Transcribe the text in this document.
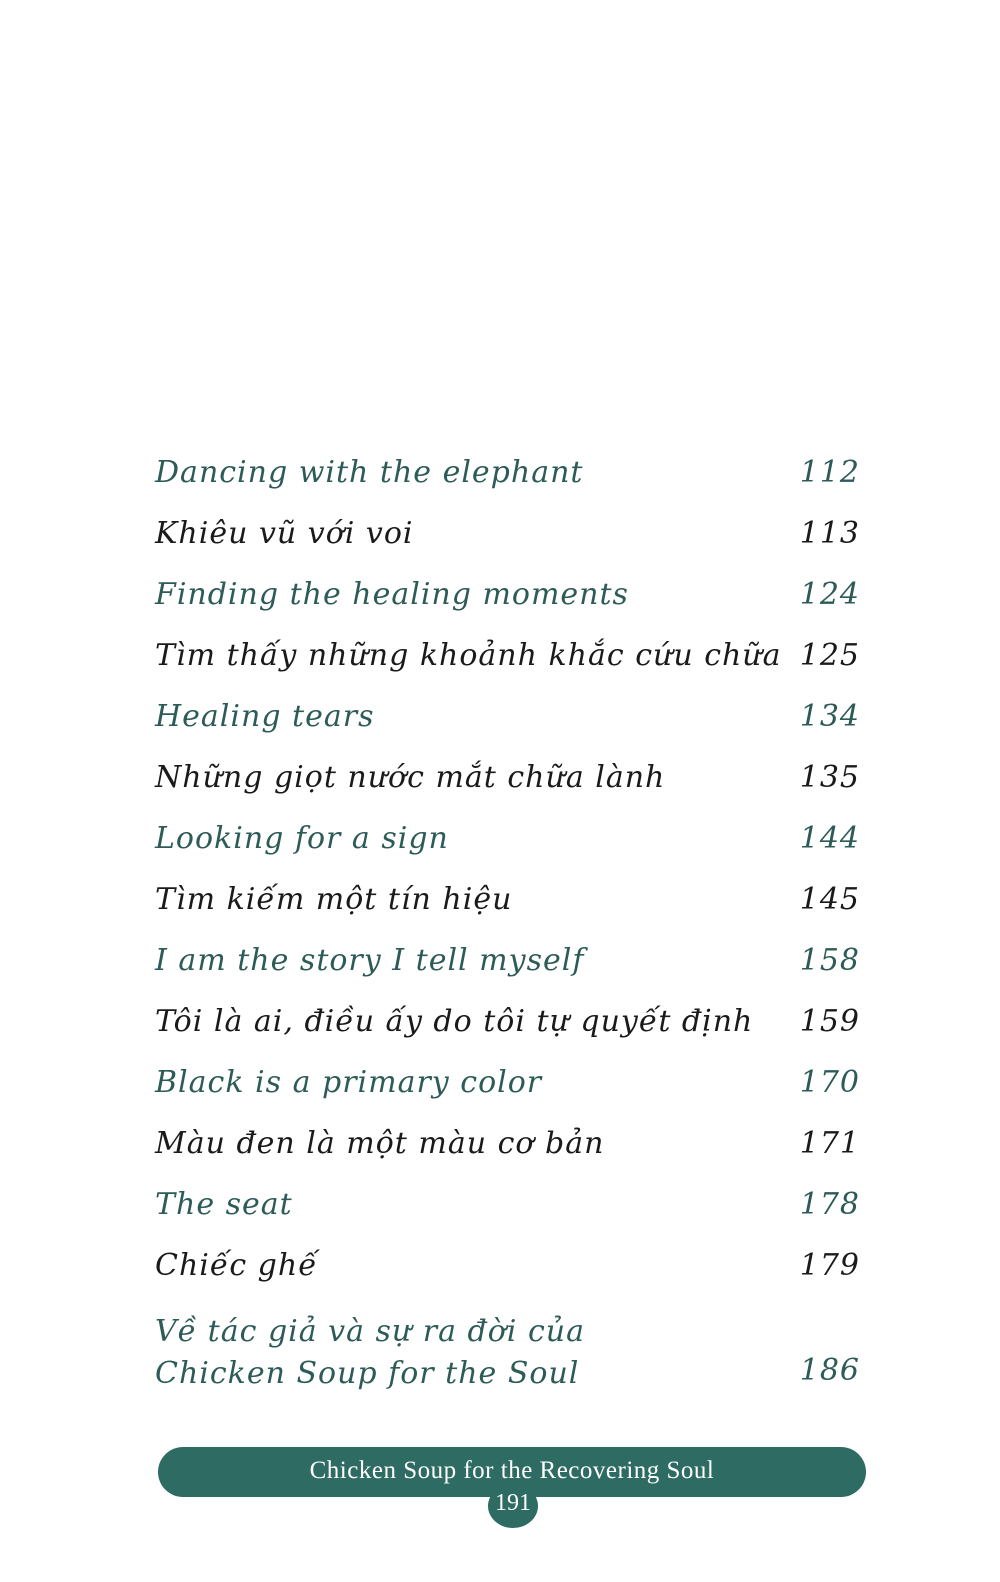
Dancing with the elephant	112
Khiêu vũ với voi	113
Finding the healing moments	124
Tìm thấy những khoảnh khắc cứu chữa 125
Healing tears	134
Những giọt nước mắt chữa lành	135
Looking for a sign	144
Tìm kiếm một tín hiệu	145
I am the story I tell myself	158
Tôi là ai, điều ấy do tôi tự quyết định 159
Black is a primary color	170
Màu đen là một màu cơ bản	171
The seat	178
Chiếc ghế	179
Về tác giả và sự ra đời của
Chicken Soup for the Soul	186
Chicken Soup for the Recovering Soul
191
